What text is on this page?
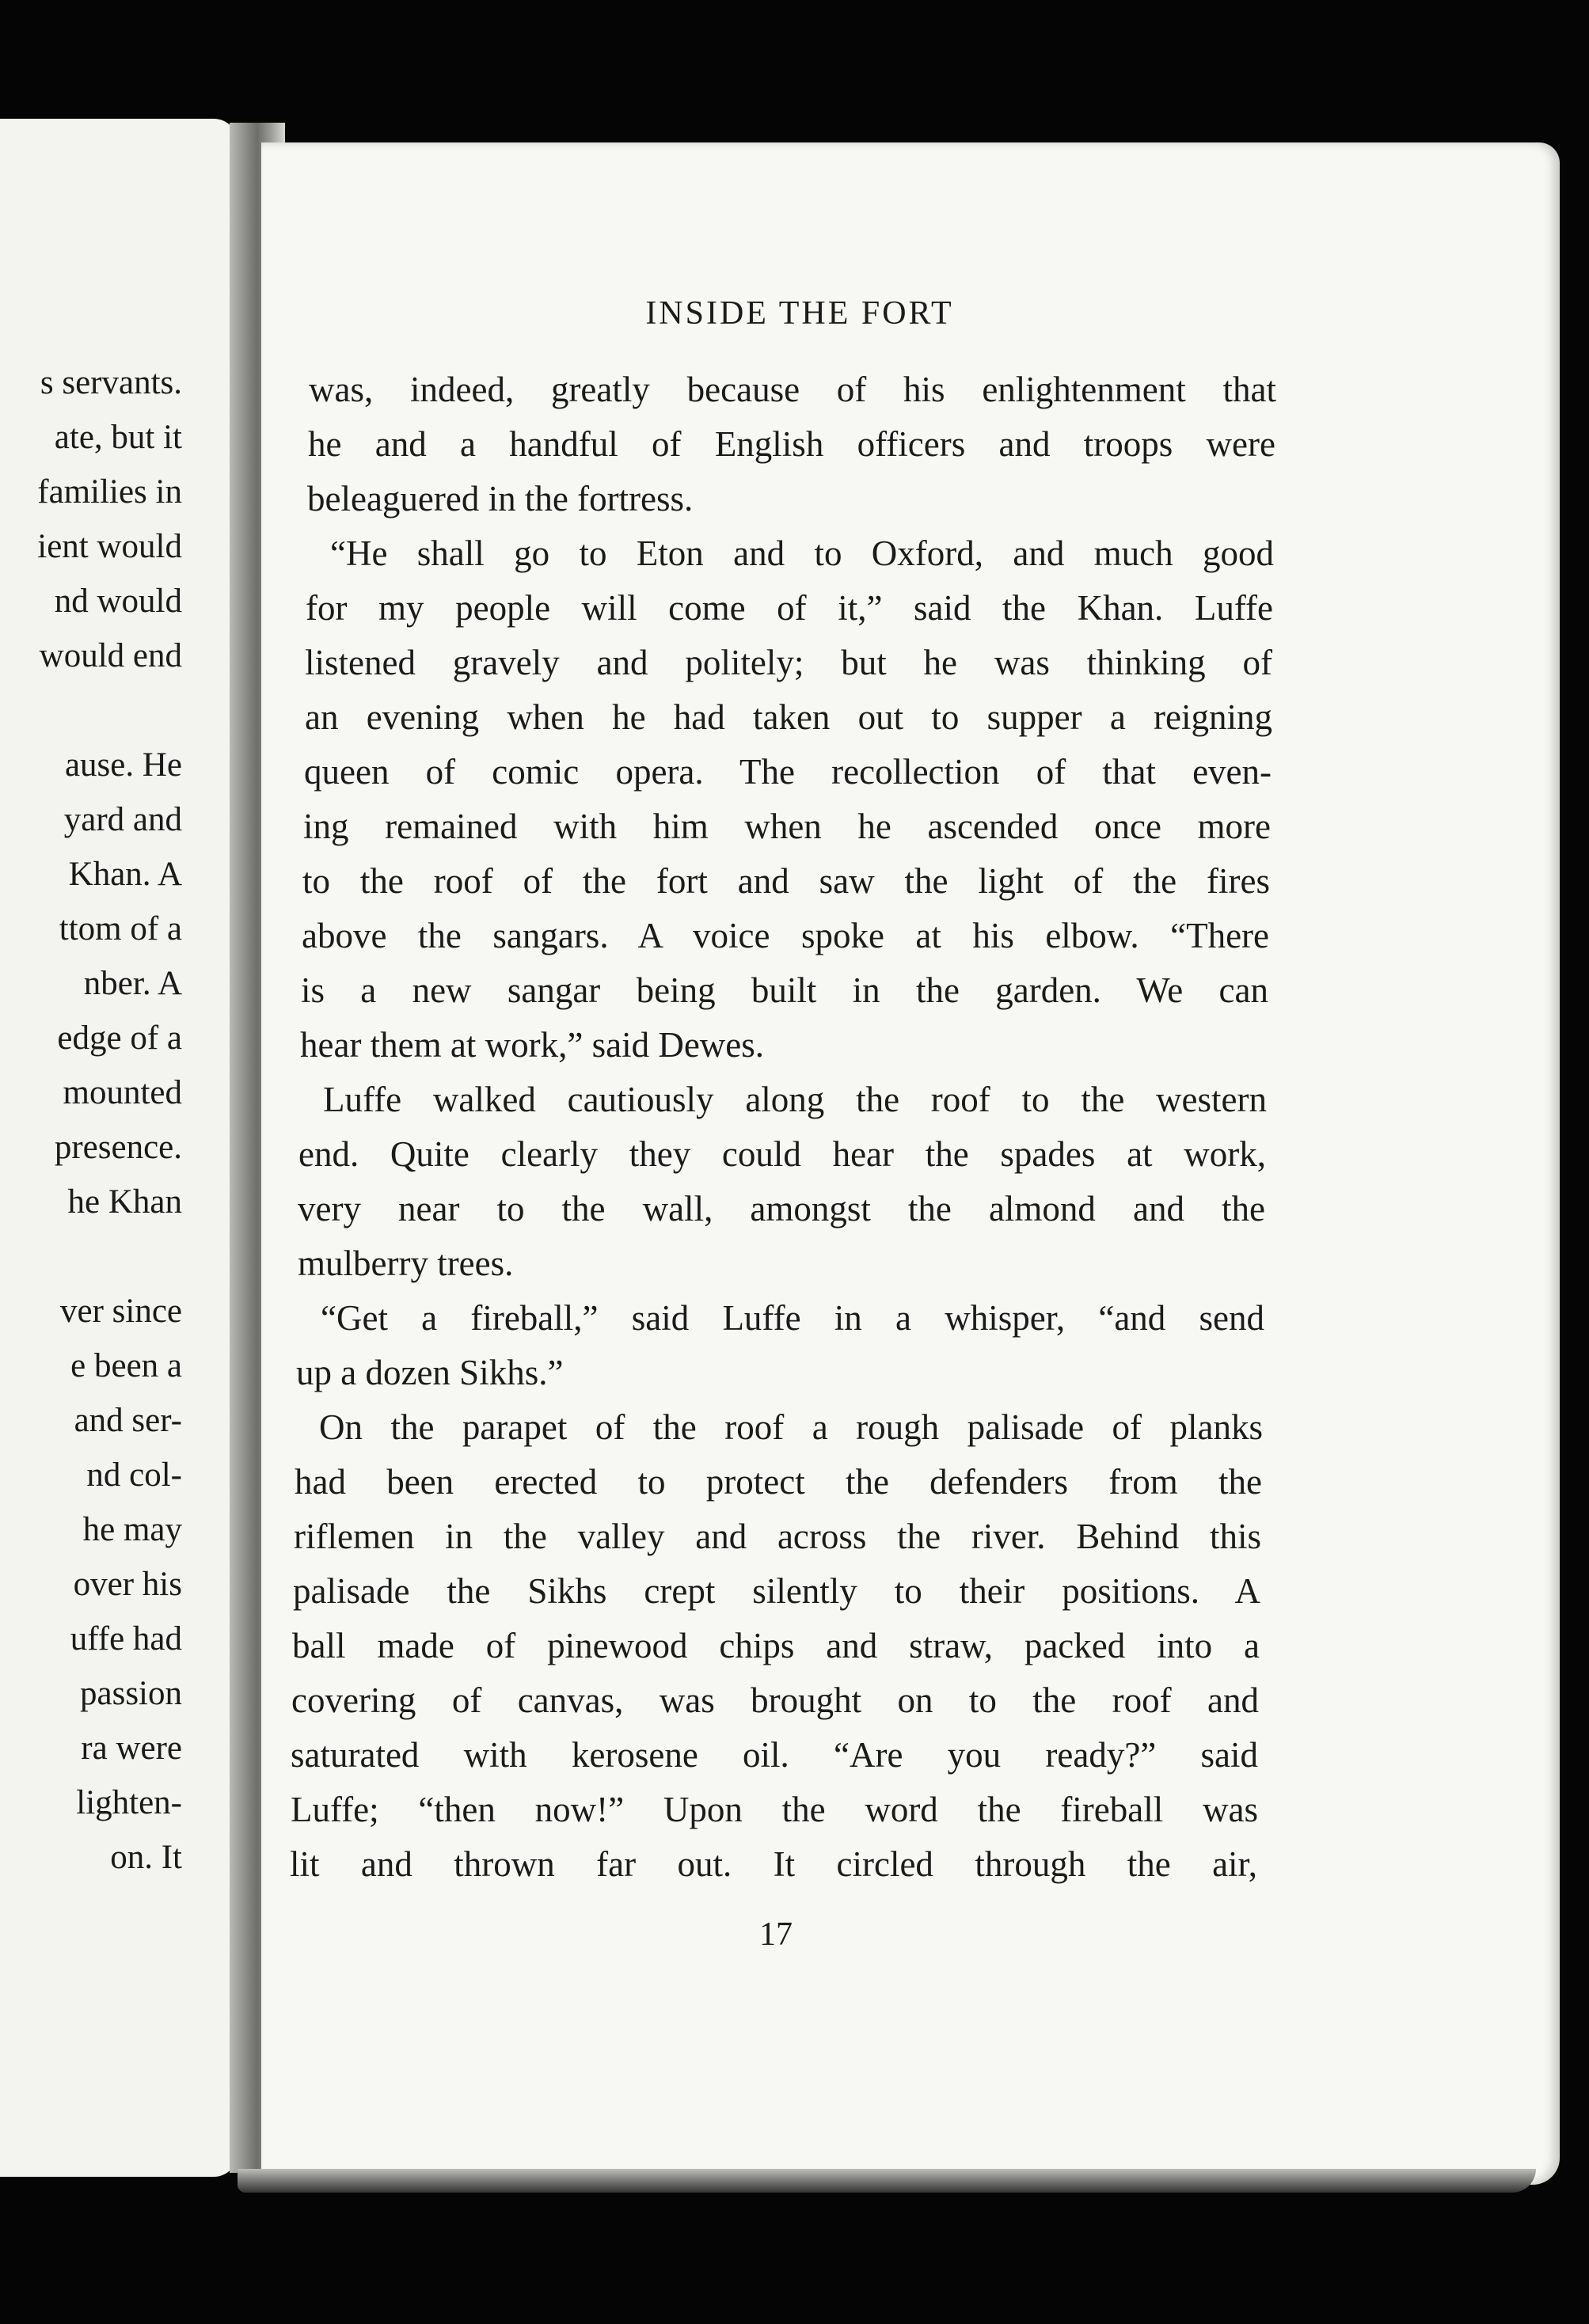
s servants.
ate, but it
families in
ient would
nd would
would end
ause. He
yard and
Khan. A
ttom of a
nber. A
edge of a
mounted
presence.
he Khan
ver since
e been a
and ser-
nd col-
he may
over his
uffe had
passion
ra were
lighten-
on. It
INSIDE THE FORT
was, indeed, greatly because of his enlightenment that
he and a handful of English officers and troops were
beleaguered in the fortress.
“He shall go to Eton and to Oxford, and much good
for my people will come of it,” said the Khan. Luffe
listened gravely and politely; but he was thinking of
an evening when he had taken out to supper a reigning
queen of comic opera. The recollection of that even-
ing remained with him when he ascended once more
to the roof of the fort and saw the light of the fires
above the sangars. A voice spoke at his elbow. “There
is a new sangar being built in the garden. We can
hear them at work,” said Dewes.
Luffe walked cautiously along the roof to the western
end. Quite clearly they could hear the spades at work,
very near to the wall, amongst the almond and the
mulberry trees.
“Get a fireball,” said Luffe in a whisper, “and send
up a dozen Sikhs.”
On the parapet of the roof a rough palisade of planks
had been erected to protect the defenders from the
riflemen in the valley and across the river. Behind this
palisade the Sikhs crept silently to their positions. A
ball made of pinewood chips and straw, packed into a
covering of canvas, was brought on to the roof and
saturated with kerosene oil. “Are you ready?” said
Luffe; “then now!” Upon the word the fireball was
lit and thrown far out. It circled through the air,
17
